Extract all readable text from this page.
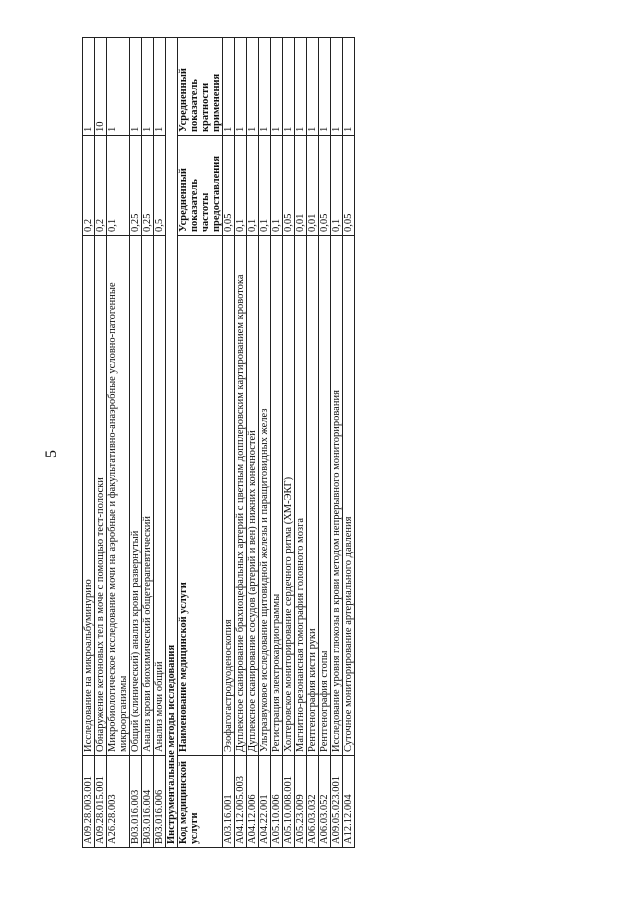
5
A09.28.003.001	Исследование на микроальбуминурию	0,2	1
A09.28.015.001	Обнаружение кетоновых тел в моче с помощью тест-полоски	0,2	10
A26.28.003	Микробиологическое исследование мочи на аэробные и факультативно-анаэробные условно-патогенные микроорганизмы	0,1	1
B03.016.003	Общий (клинический) анализ крови развернутый	0,25	1
B03.016.004	Анализ крови биохимический общетерапевтический	0,25	1
B03.016.006	Анализ мочи общий	0,5	1
Инструментальные методы исследования			
Код медицинской услуги	Наименование медицинской услуги	Усредненный показатель частоты предоставления	Усредненный показатель кратности применения
A03.16.001	Эзофагогастродуоденоскопия	0,05	1
A04.12.005.003	Дуплексное сканирование брахиоцефальных артерий с цветным допплеровским картированием кровотока	0,1	1
A04.12.006	Дуплексное сканирование сосудов (артерий и вен) нижних конечностей	0,1	1
A04.22.001	Ультразвуковое исследование щитовидной железы и паращитовидных желез	0,1	1
A05.10.006	Регистрация электрокардиограммы	0,1	1
A05.10.008.001	Холтеровское мониторирование сердечного ритма (ХМ-ЭКГ)	0,05	1
A05.23.009	Магнитно-резонансная томография головного мозга	0,01	1
A06.03.032	Рентгенография кисти руки	0,01	1
A06.03.052	Рентгенография стопы	0,05	1
A09.05.023.001	Исследование уровня глюкозы в крови методом непрерывного мониторирования	0,1	1
A12.12.004	Суточное мониторирование артериального давления	0,05	1
